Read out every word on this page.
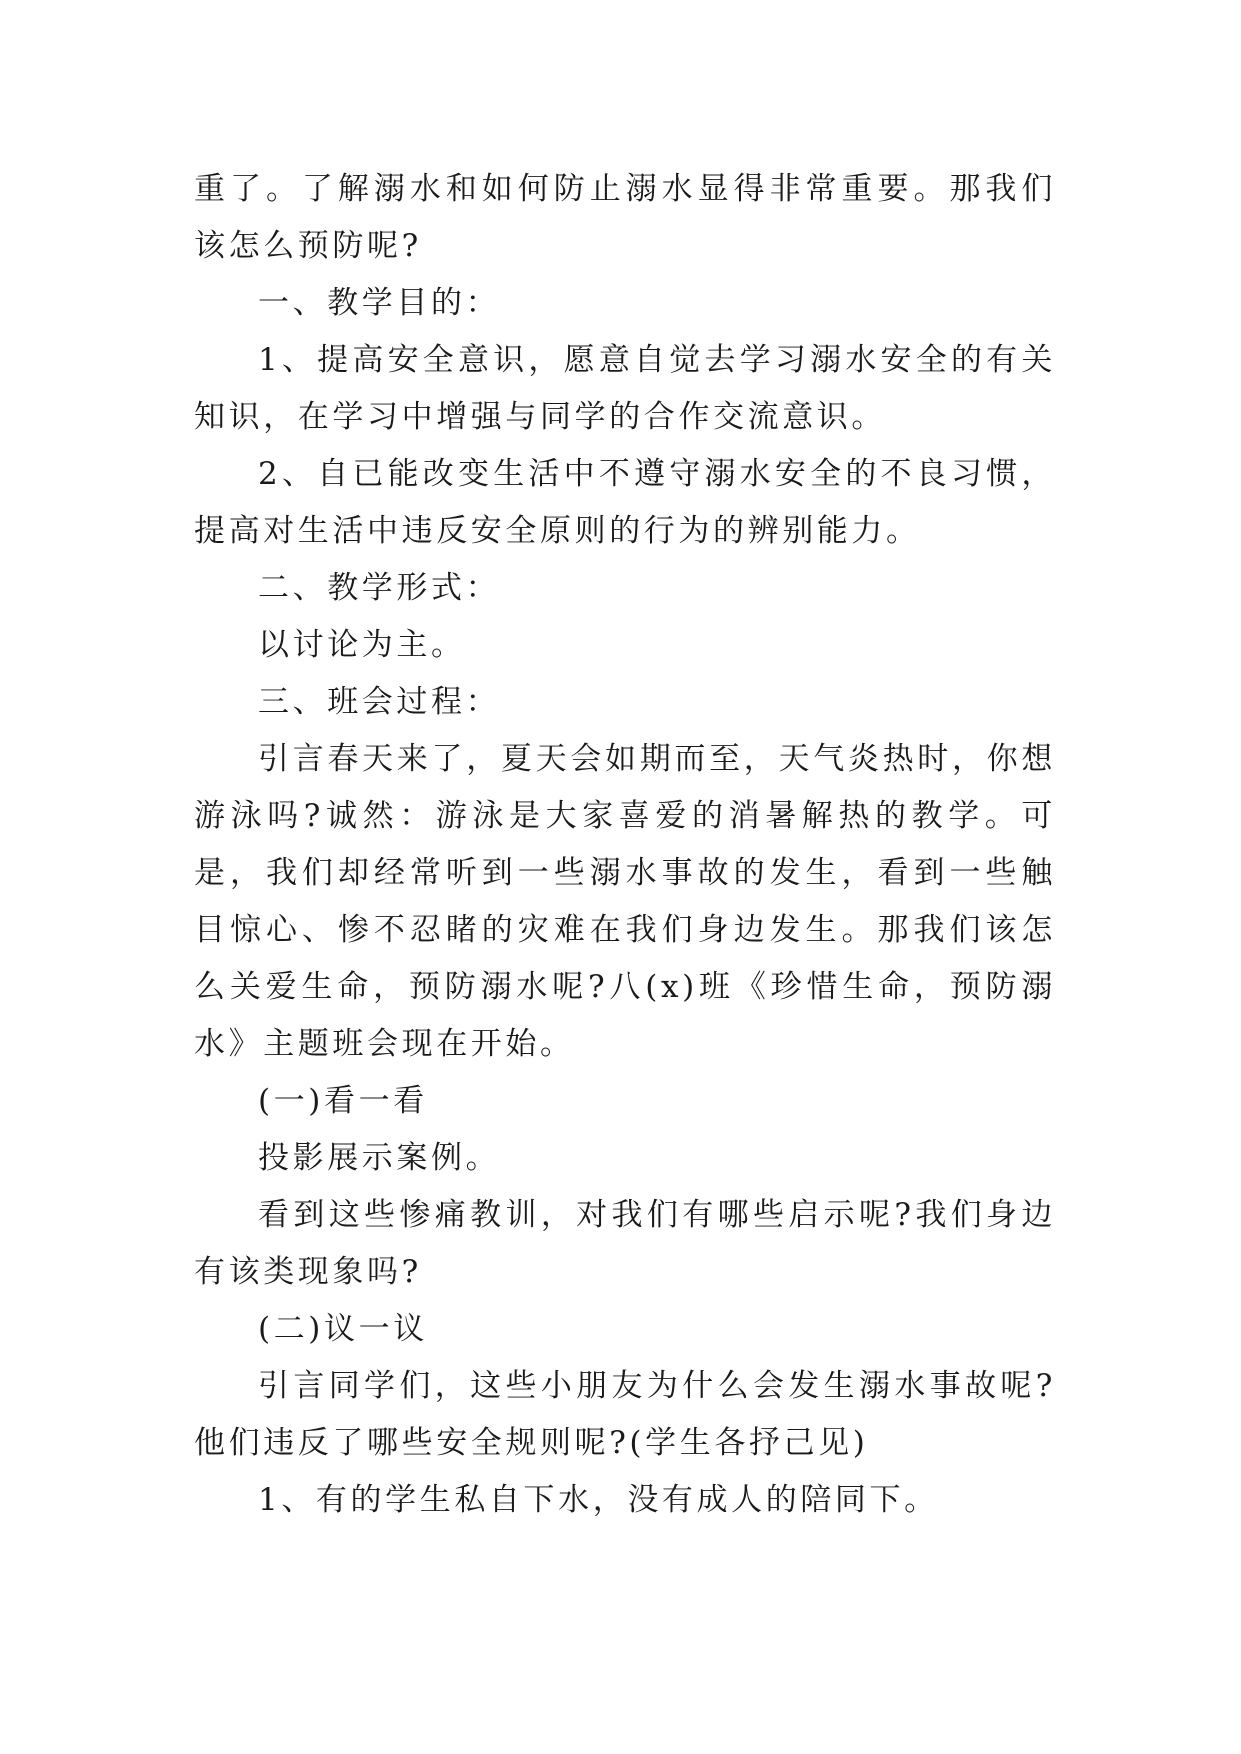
重了。了解溺水和如何防止溺水显得非常重要。那我们该怎么预防呢?

一、教学目的：

1、提高安全意识，愿意自觉去学习溺水安全的有关知识，在学习中增强与同学的合作交流意识。

2、自已能改变生活中不遵守溺水安全的不良习惯，提高对生活中违反安全原则的行为的辨别能力。

二、教学形式：

以讨论为主。

三、班会过程：

引言春天来了，夏天会如期而至，天气炎热时，你想游泳吗?诚然：游泳是大家喜爱的消暑解热的教学。可是，我们却经常听到一些溺水事故的发生，看到一些触目惊心、惨不忍睹的灾难在我们身边发生。那我们该怎么关爱生命，预防溺水呢?八(x)班《珍惜生命，预防溺水》主题班会现在开始。

(一)看一看

投影展示案例。

看到这些惨痛教训，对我们有哪些启示呢?我们身边有该类现象吗?

(二)议一议

引言同学们，这些小朋友为什么会发生溺水事故呢?他们违反了哪些安全规则呢?(学生各抒己见)

1、有的学生私自下水，没有成人的陪同下。
